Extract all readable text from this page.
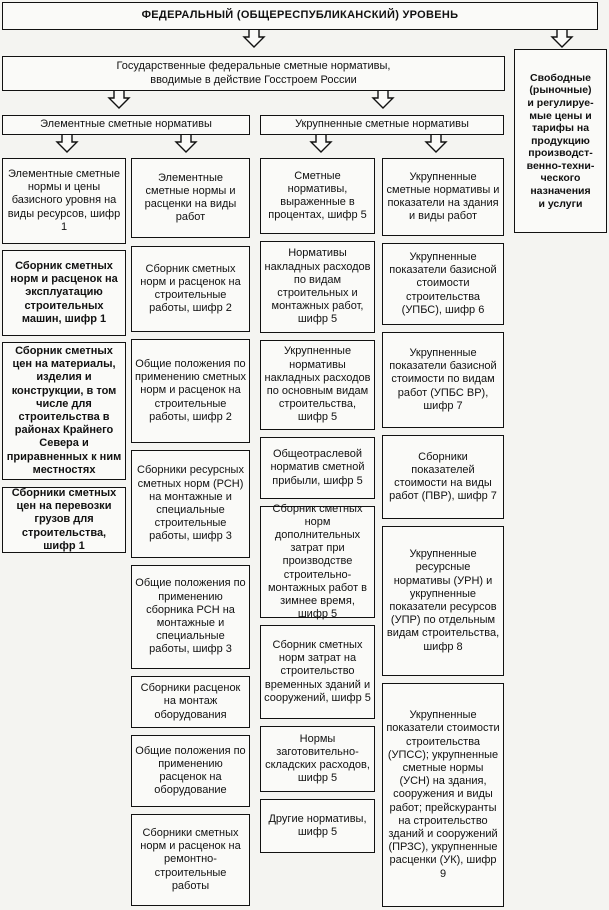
ФЕДЕРАЛЬНЫЙ (ОБЩЕРЕСПУБЛИКАНСКИЙ) УРОВЕНЬ
Государственные федеральные сметные нормативы,
вводимые в действие Госстроем России	Свободные
(рыночные)
и регулируе-
мые цены и
тарифы на
продукцию
производст-
венно-техни-
ческого
назначения
и услуги
Элементные сметные нормативы	Укрупненные сметные нормативы
Элементные сметные нормы и цены базисного уровня на виды ресурсов, шифр 1
Сборник сметных норм и расценок на эксплуатацию строительных машин, шифр 1
Сборник сметных цен на материалы, изделия и конструкции, в том числе для строительства в районах Крайнего Севера и приравненных к ним местностях
Сборники сметных цен на перевозки грузов для строительства, шифр 1
Элементные сметные нормы и расценки на виды работ
Сборник сметных норм и расценок на строительные работы, шифр 2
Общие положения по применению сметных норм и расценок на строительные работы, шифр 2
Сборники ресурсных сметных норм (РСН) на монтажные и специальные строительные работы, шифр 3
Общие положения по применению сборника РСН на монтажные и специальные работы, шифр 3
Сборники расценок на монтаж оборудования
Общие положения по применению расценок на оборудование
Сборники сметных норм и расценок на ремонтно-строительные работы
Сметные нормативы, выраженные в процентах, шифр 5
Нормативы накладных расходов по видам строительных и монтажных работ, шифр 5
Укрупненные нормативы накладных расходов по основным видам строительства, шифр 5
Общеотраслевой норматив сметной прибыли, шифр 5
Сборник сметных норм дополнительных затрат при производстве строительно-монтажных работ в зимнее время, шифр 5
Сборник сметных норм затрат на строительство временных зданий и сооружений, шифр 5
Нормы заготовительно-складских расходов, шифр 5
Другие нормативы, шифр 5
Укрупненные сметные нормативы и показатели на здания и виды работ
Укрупненные показатели базисной стоимости строительства (УПБС), шифр 6
Укрупненные показатели базисной стоимости по видам работ (УПБС ВР), шифр 7
Сборники показателей стоимости на виды работ (ПВР), шифр 7
Укрупненные ресурсные нормативы (УРН) и укрупненные показатели ресурсов (УПР) по отдельным видам строительства, шифр 8
Укрупненные показатели стоимости строительства (УПСС); укрупненные сметные нормы (УСН) на здания, сооружения и виды работ; прейскуранты на строительство зданий и сооружений (ПРЗС), укрупненные расценки (УК), шифр 9
